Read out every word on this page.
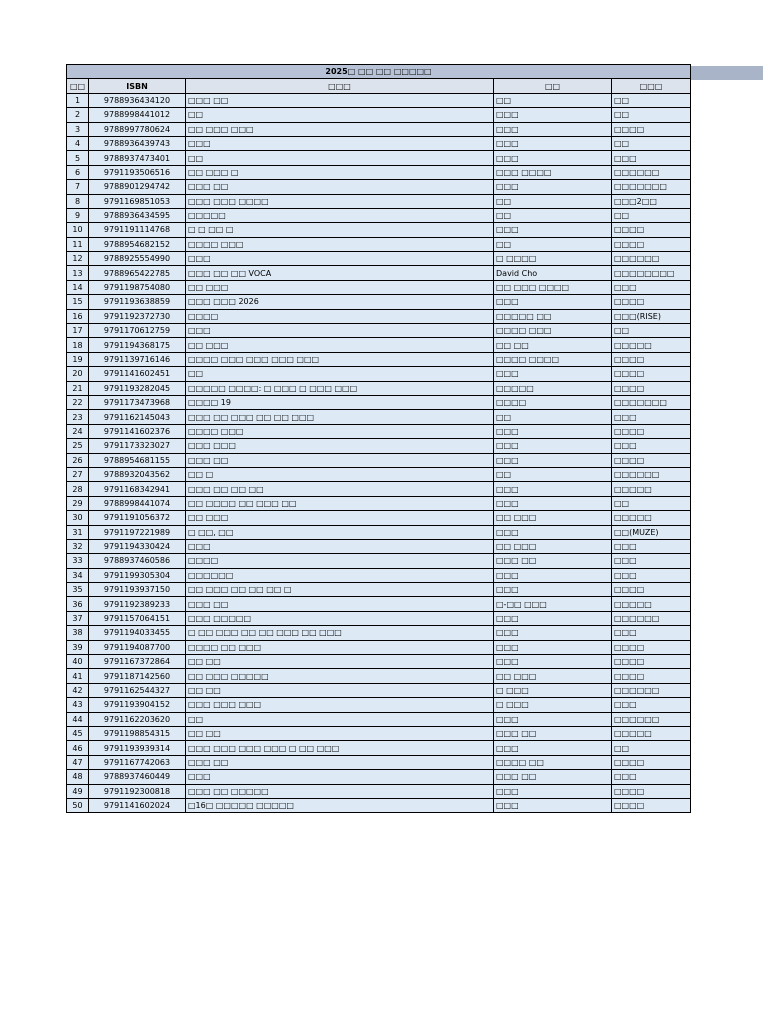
2025□ □□ □□ □□□□□				
□□	ISBN	□□□	□□	□□□
1	9788936434120	□□□ □□	□□	□□
2	9788998441012	□□	□□□	□□
3	9788997780624	□□ □□□ □□□	□□□	□□□□
4	9788936439743	□□□	□□□	□□
5	9788937473401	□□	□□□	□□□
6	9791193506516	□□ □□□ □	□□□ □□□□	□□□□□□
7	9788901294742	□□□ □□	□□□	□□□□□□□
8	9791169851053	□□□ □□□ □□□□	□□	□□□2□□
9	9788936434595	□□□□□	□□	□□
10	9791191114768	□ □ □□ □	□□□	□□□□
11	9788954682152	□□□□ □□□	□□	□□□□
12	9788925554990	□□□	□ □□□□	□□□□□□
13	9788965422785	□□□ □□ □□ VOCA	David Cho	□□□□□□□□
14	9791198754080	□□ □□□	□□ □□□ □□□□	□□□
15	9791193638859	□□□ □□□ 2026	□□□	□□□□
16	9791192372730	□□□□	□□□□□ □□	□□□(RISE)
17	9791170612759	□□□	□□□□ □□□	□□
18	9791194368175	□□ □□□	□□ □□	□□□□□
19	9791139716146	□□□□ □□□ □□□ □□□ □□□	□□□□ □□□□	□□□□
20	9791141602451	□□	□□□	□□□□
21	9791193282045	□□□□□ □□□□: □ □□□ □ □□□ □□□	□□□□□	□□□□
22	9791173473968	□□□□ 19	□□□□	□□□□□□□
23	9791162145043	□□□ □□ □□□ □□ □□ □□□	□□	□□□
24	9791141602376	□□□□ □□□	□□□	□□□□
25	9791173323027	□□□ □□□	□□□	□□□
26	9788954681155	□□□ □□	□□□	□□□□
27	9788932043562	□□ □	□□	□□□□□□
28	9791168342941	□□□ □□ □□ □□	□□□	□□□□□
29	9788998441074	□□ □□□□ □□ □□□ □□	□□□	□□
30	9791191056372	□□ □□□	□□ □□□	□□□□□
31	9791197221989	□ □□, □□	□□□	□□(MUZE)
32	9791194330424	□□□	□□ □□□	□□□
33	9788937460586	□□□□	□□□ □□	□□□
34	9791199305304	□□□□□□	□□□	□□□
35	9791193937150	□□ □□□ □□ □□ □□ □	□□□	□□□□
36	9791192389233	□□□ □□	□-□□ □□□	□□□□□
37	9791157064151	□□□ □□□□□	□□□	□□□□□□
38	9791194033455	□ □□ □□□ □□ □□ □□□ □□ □□□	□□□	□□□
39	9791194087700	□□□□ □□ □□□	□□□	□□□□
40	9791167372864	□□ □□	□□□	□□□□
41	9791187142560	□□ □□□ □□□□□	□□ □□□	□□□□
42	9791162544327	□□ □□	□ □□□	□□□□□□
43	9791193904152	□□□ □□□ □□□	□ □□□	□□□
44	9791162203620	□□	□□□	□□□□□□
45	9791198854315	□□ □□	□□□ □□	□□□□□
46	9791193939314	□□□ □□□ □□□ □□□ □ □□ □□□	□□□	□□
47	9791167742063	□□□ □□	□□□□ □□	□□□□
48	9788937460449	□□□	□□□ □□	□□□
49	9791192300818	□□□ □□ □□□□□	□□□	□□□□
50	9791141602024	□16□ □□□□□ □□□□□	□□□	□□□□
